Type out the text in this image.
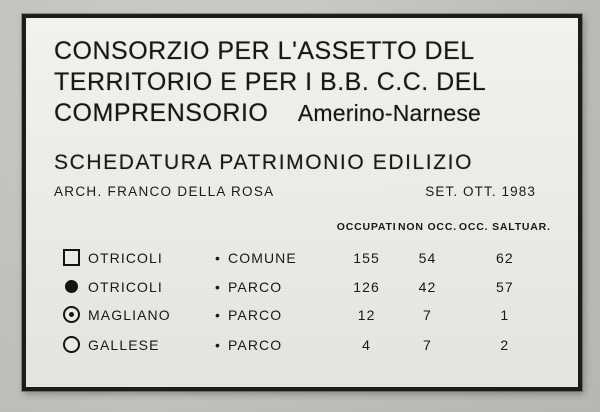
CONSORZIO PER L'ASSETTO DEL
TERRITORIO E PER I B.B. C.C. DEL
COMPRENSORIO Amerino-Narnese
SCHEDATURA PATRIMONIO EDILIZIO
ARCH. FRANCO DELLA ROSA	SET. OTT. 1983
				OCCUPATI	NON OCC.	OCC. SALTUAR.
	OTRICOLI	•	COMUNE	155	54	62
	OTRICOLI	•	PARCO	126	42	57
	MAGLIANO	•	PARCO	12	7	1
	GALLESE	•	PARCO	4	7	2
